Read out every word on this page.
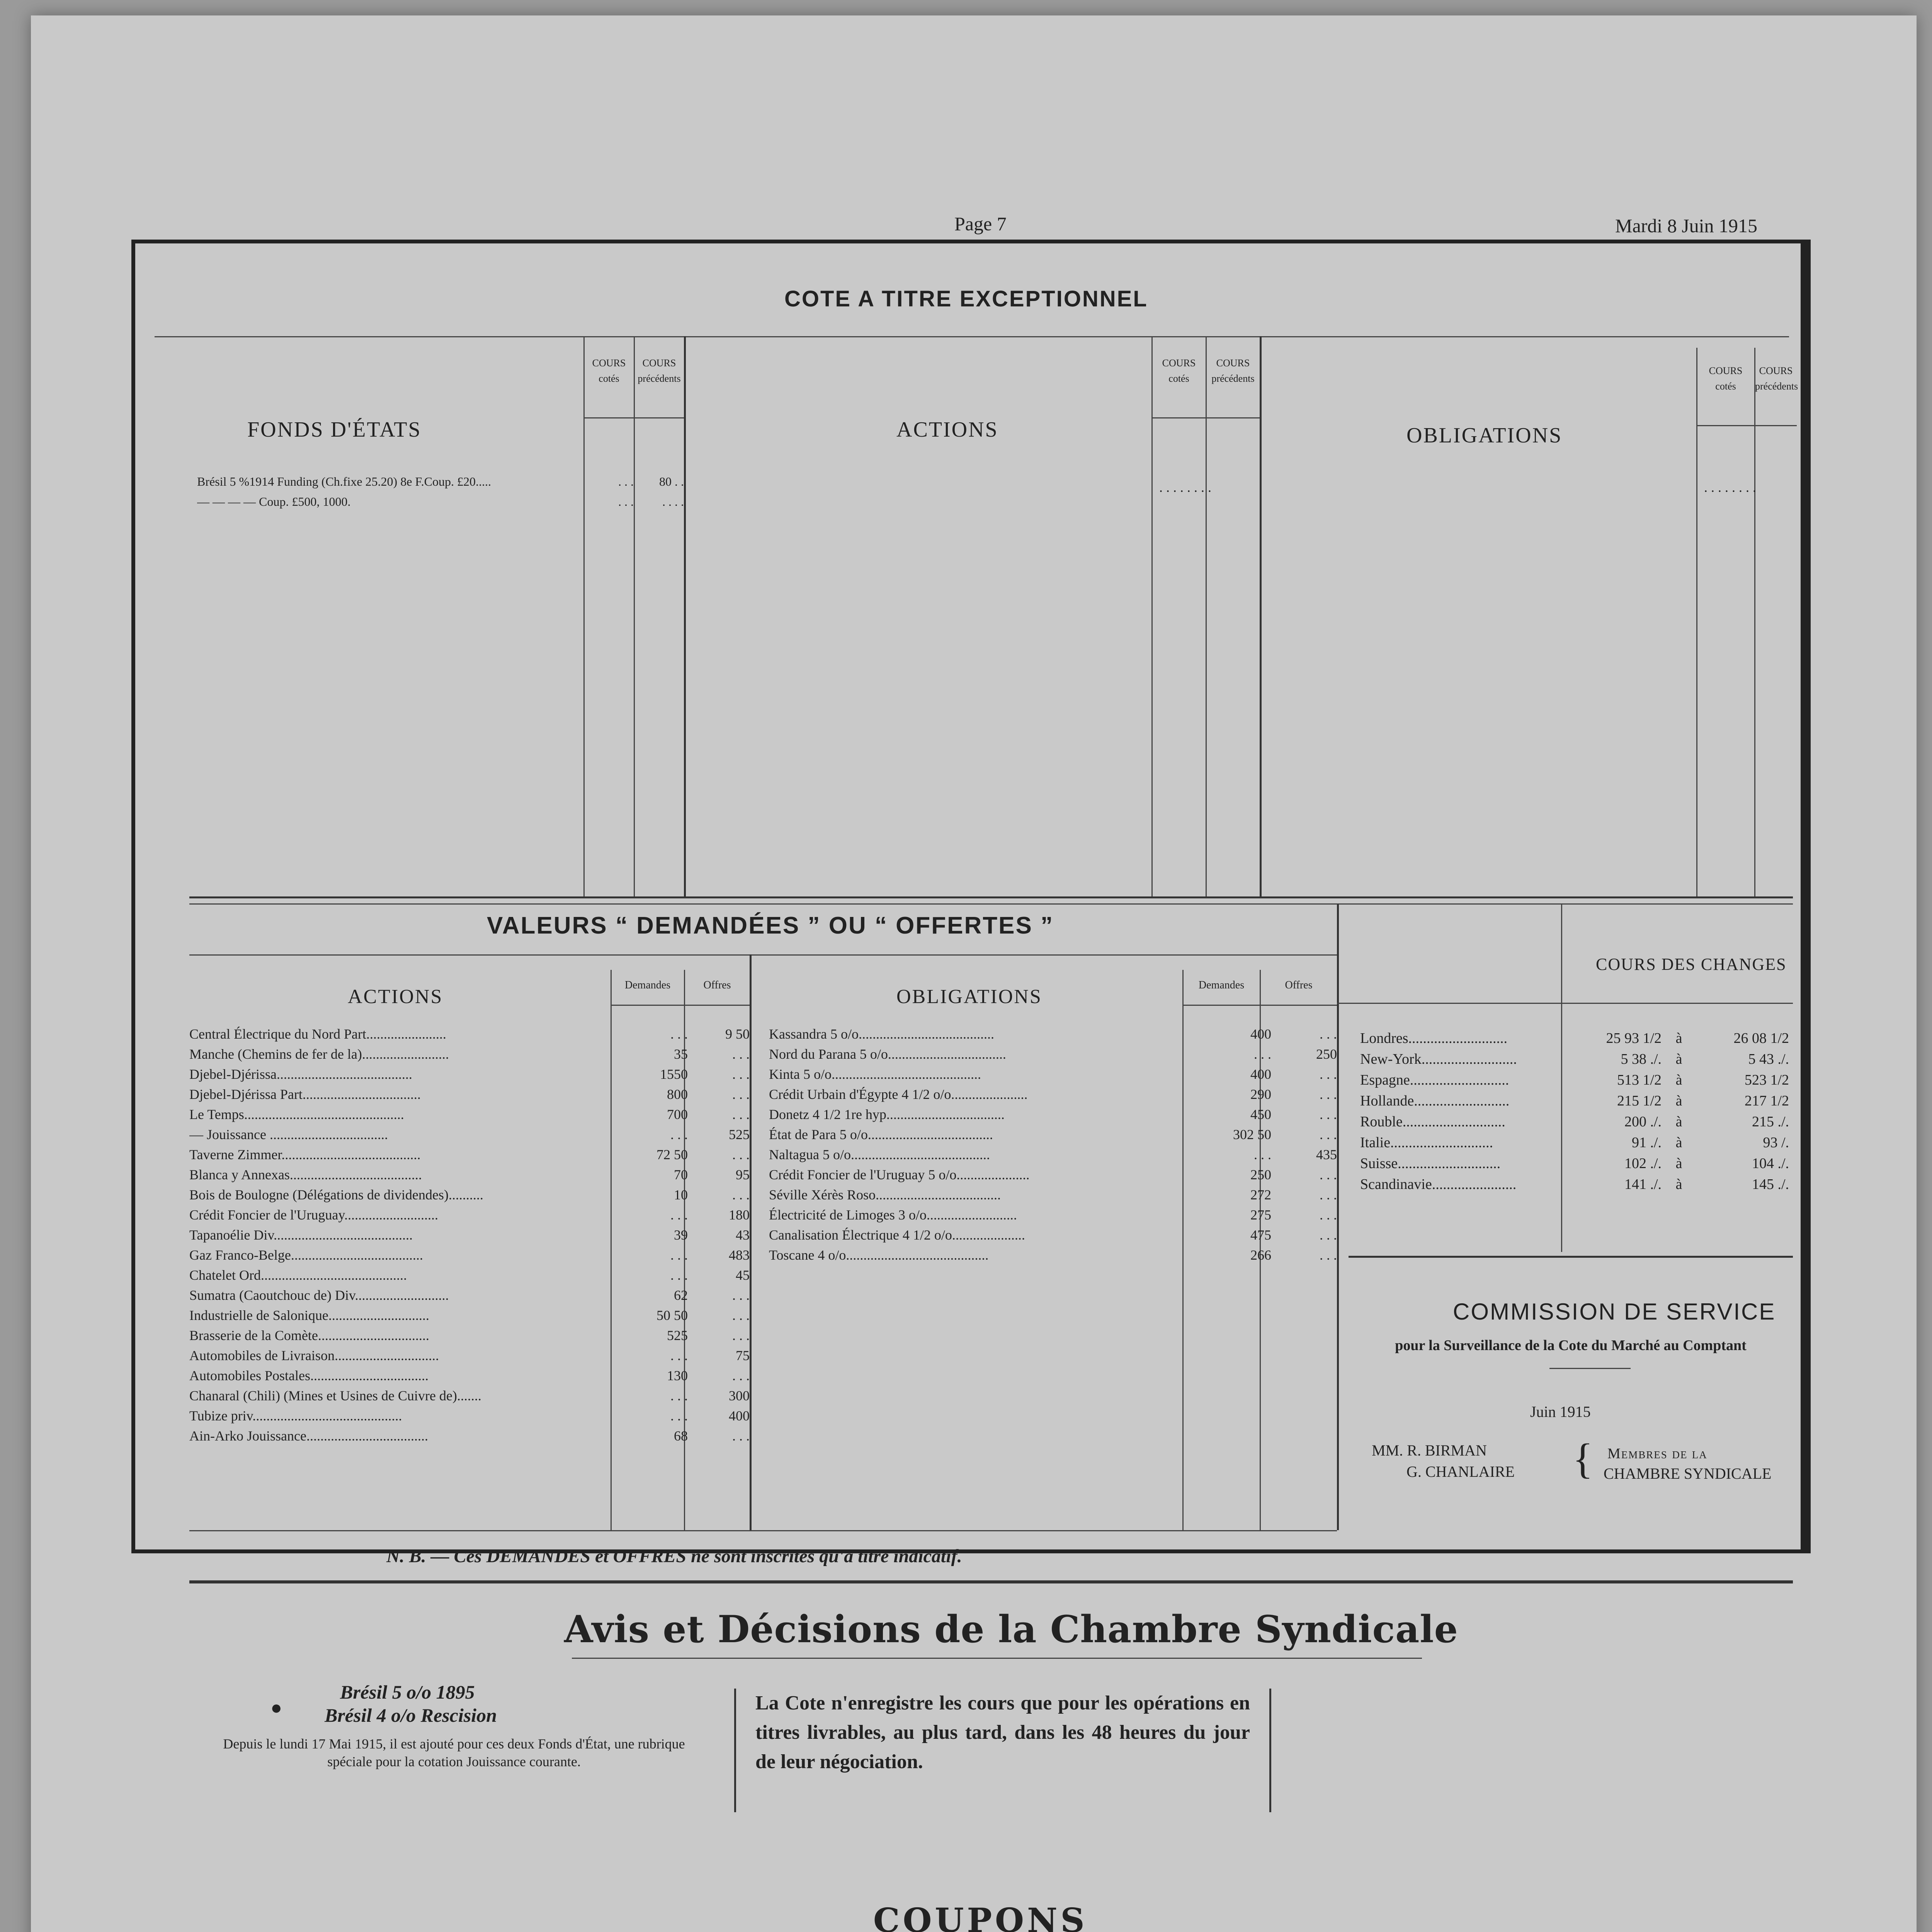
Page 7	Mardi 8 Juin 1915
COTE A TITRE EXCEPTIONNEL
COURS
cotés
COURS
précédents
COURS
cotés
COURS
précédents
COURS
cotés
COURS
précédents
FONDS D'ÉTATS	ACTIONS	OBLIGATIONS
Brésil 5 %1914 Funding (Ch.fixe 25.20) 8e F.Coup. £20.....	. . .	80 . .
— — — — Coup. £500, 1000.	. . .	. . . .
. . . . . . . .	. . . . . . . .
VALEURS “ DEMANDÉES ” OU “ OFFERTES ”
Demandes	Offres	Demandes	Offres
ACTIONS	OBLIGATIONS
Central Électrique du Nord Part.......................	. . .	9 50
Manche (Chemins de fer de la).........................	35	. . .
Djebel-Djérissa.......................................	1550	. . .
Djebel-Djérissa Part..................................	800	. . .
Le Temps..............................................	700	. . .
— Jouissance ..................................	. . .	525
Taverne Zimmer........................................	72 50	. . .
Blanca y Annexas......................................	70	95
Bois de Boulogne (Délégations de dividendes)..........	10	. . .
Crédit Foncier de l'Uruguay...........................	. . .	180
Tapanoélie Div........................................	39	43
Gaz Franco-Belge......................................	. . .	483
Chatelet Ord..........................................	. . .	45
Sumatra (Caoutchouc de) Div...........................	62	. . .
Industrielle de Salonique.............................	50 50	. . .
Brasserie de la Comète................................	525	. . .
Automobiles de Livraison..............................	. . .	75
Automobiles Postales..................................	130	. . .
Chanaral (Chili) (Mines et Usines de Cuivre de).......	. . .	300
Tubize priv...........................................	. . .	400
Ain-Arko Jouissance...................................	68	. . .
Kassandra 5 o/o.......................................	400	. . .
Nord du Parana 5 o/o..................................	. . .	250
Kinta 5 o/o...........................................	400	. . .
Crédit Urbain d'Égypte 4 1/2 o/o......................	290	. . .
Donetz 4 1/2 1re hyp..................................	450	. . .
État de Para 5 o/o....................................	302 50	. . .
Naltagua 5 o/o........................................	. . .	435
Crédit Foncier de l'Uruguay 5 o/o.....................	250	. . .
Séville Xérès Roso....................................	272	. . .
Électricité de Limoges 3 o/o..........................	275	. . .
Canalisation Électrique 4 1/2 o/o.....................	475	. . .
Toscane 4 o/o.........................................	266	. . .
N. B. — Ces DEMANDES et OFFRES ne sont inscrites qu'à titre indicatif.
COURS DES CHANGES
Londres...........................	25 93 1/2 à	26 08 1/2
New-York..........................	5 38 ./. à	5 43 ./.
Espagne...........................	513 1/2 à	523 1/2
Hollande..........................	215 1/2 à	217 1/2
Rouble............................	200 ./. à	215 ./.
Italie............................	91 ./. à	93 /.
Suisse............................	102 ./. à	104 ./.
Scandinavie.......................	141 ./. à	145 ./.
COMMISSION DE SERVICE
pour la Surveillance de la Cote du Marché au Comptant
Juin 1915
MM. R. BIRMAN
G. CHANLAIRE { Membres de la
CHAMBRE SYNDICALE
Avis et Décisions de la Chambre Syndicale
Brésil 5 o/o 1895
● Brésil 4 o/o Rescision
Depuis le lundi 17 Mai 1915, il est ajouté pour ces deux Fonds d'État, une rubrique spéciale pour la cotation Jouissance courante.
La Cote n'enregistre les cours que pour les opérations en titres livrables, au plus tard, dans les 48 heures du jour de leur négociation.
COUPONS
